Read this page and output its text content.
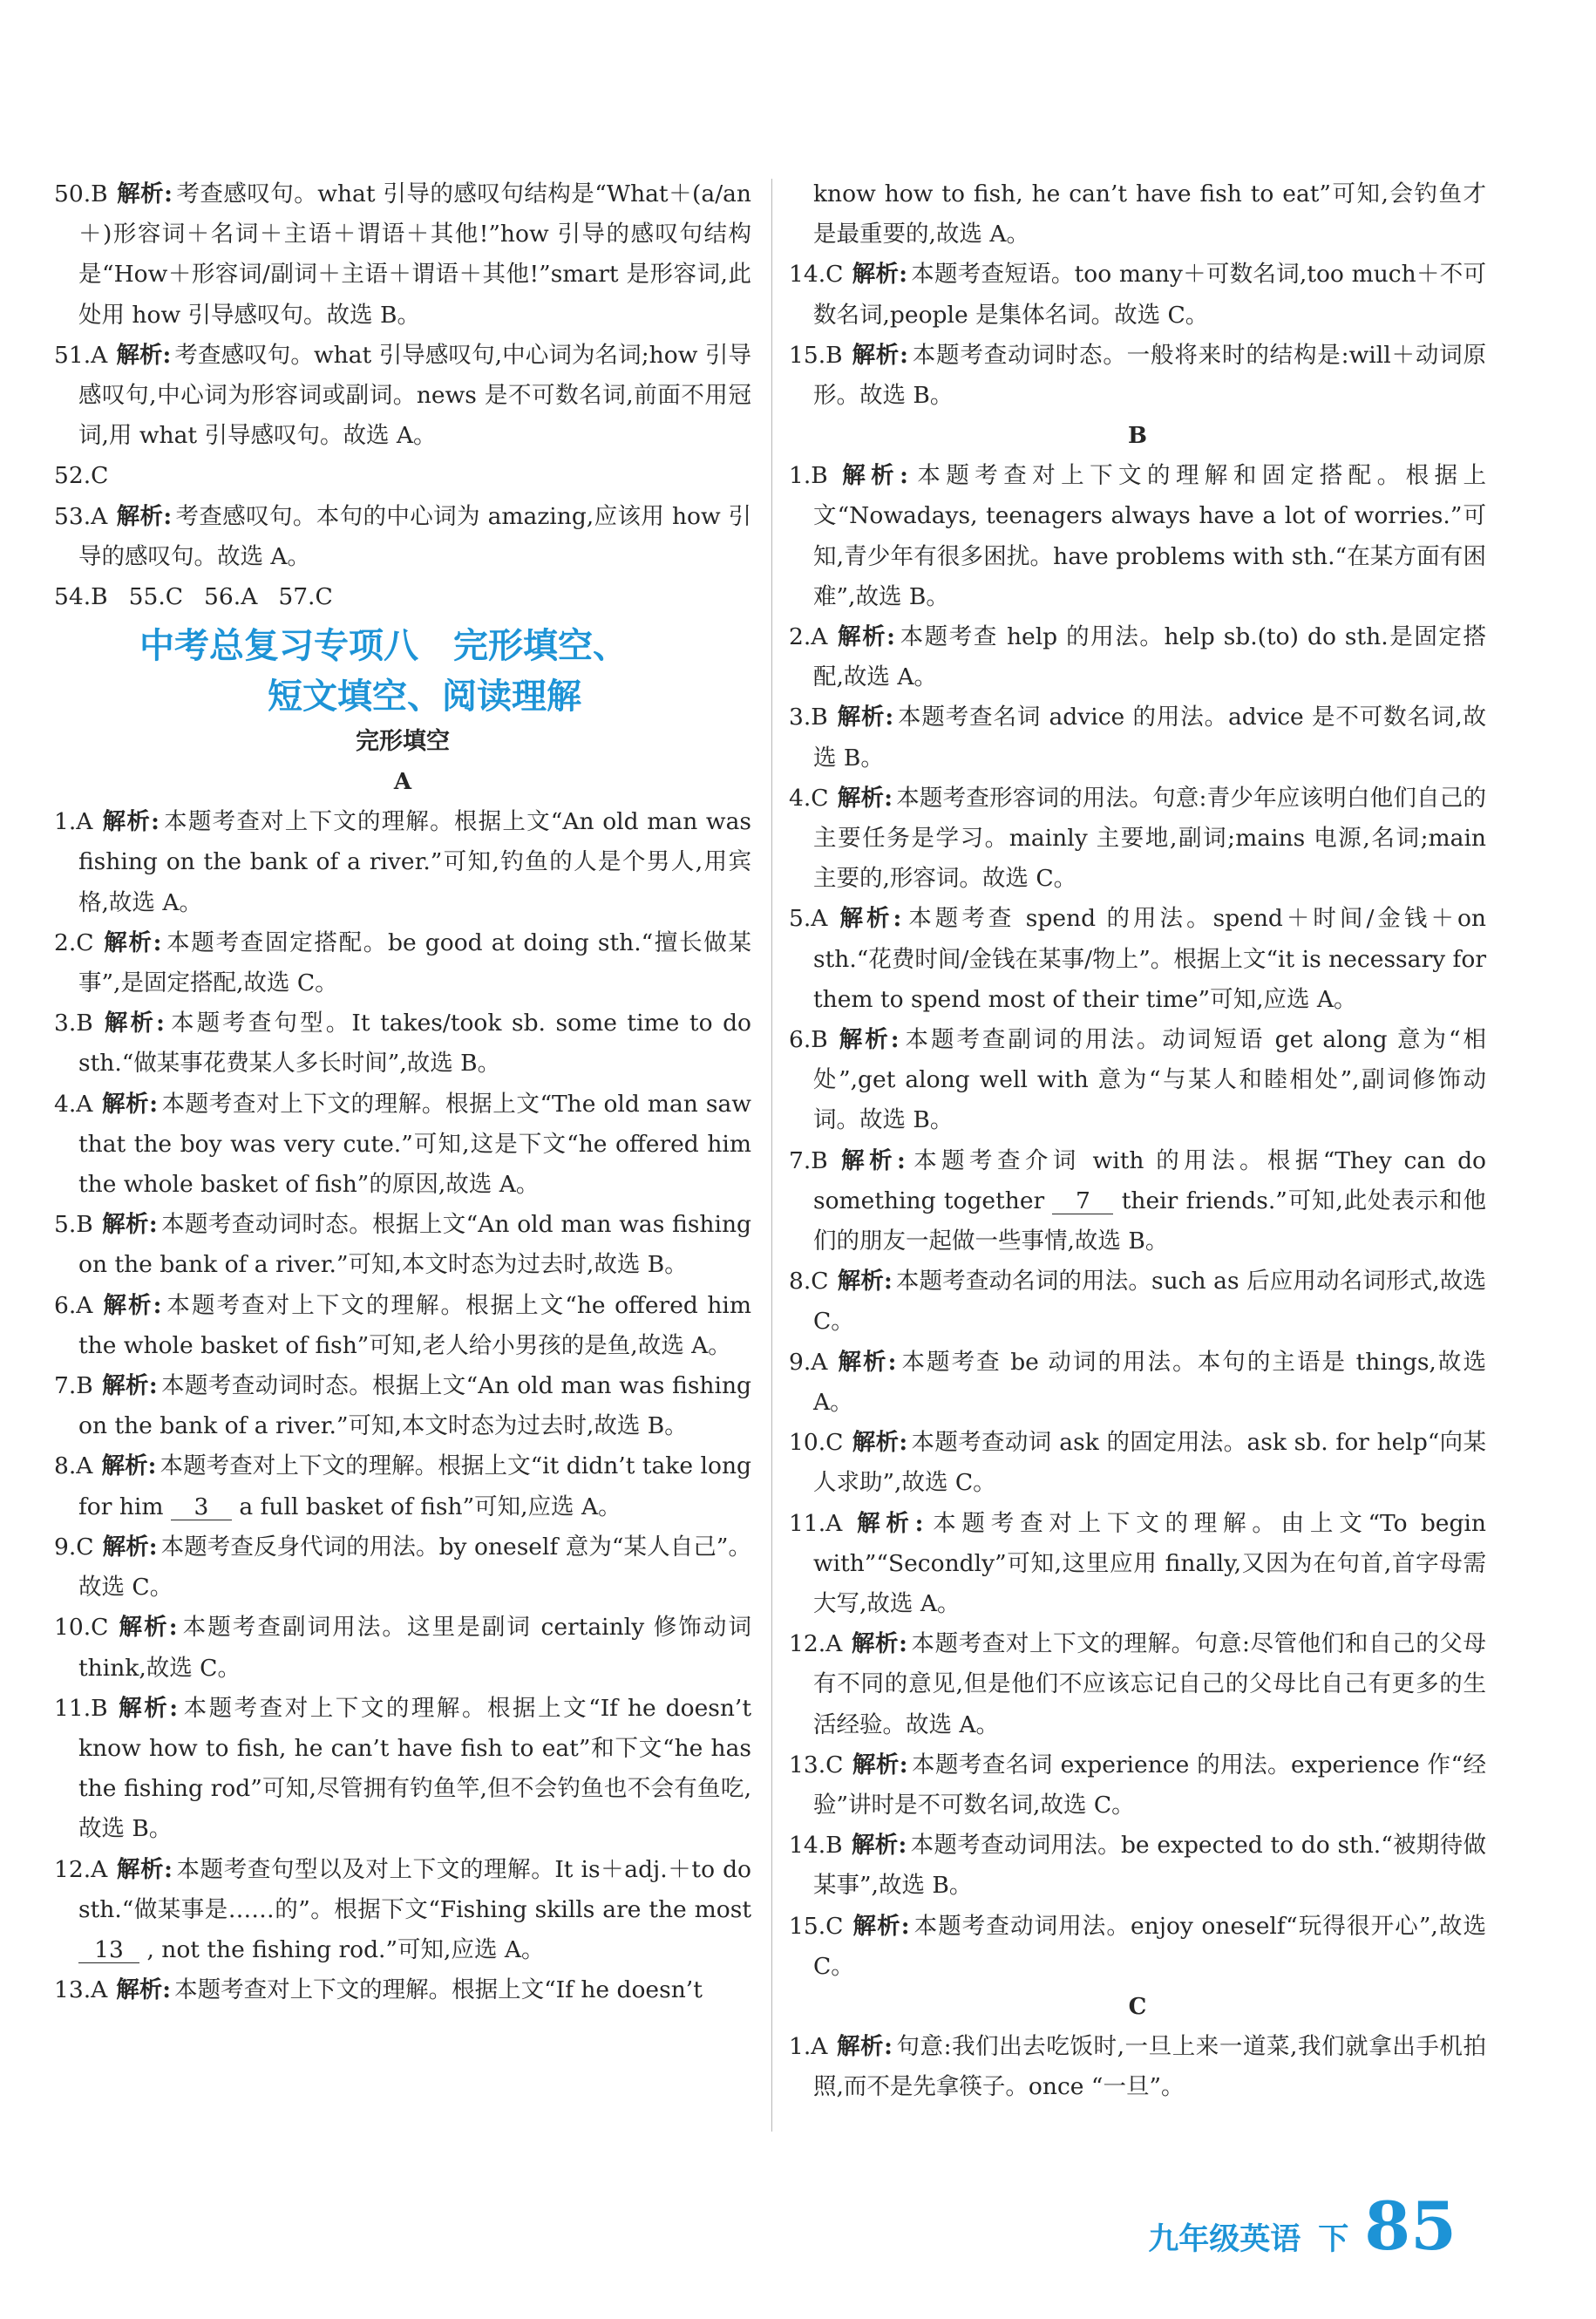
50.B 解析: 考查感叹句。what 引导的感叹句结构是“What＋(a/an＋)形容词＋名词＋主语＋谓语＋其他!”how 引导的感叹句结构是“How＋形容词/副词＋主语＋谓语＋其他!”smart 是形容词,此处用 how 引导感叹句。故选 B。
51.A 解析: 考查感叹句。what 引导感叹句,中心词为名词;how 引导感叹句,中心词为形容词或副词。news 是不可数名词,前面不用冠词,用 what 引导感叹句。故选 A。
52.C
53.A 解析: 考查感叹句。本句的中心词为 amazing,应该用 how 引导的感叹句。故选 A。
54.B 55.C 56.A 57.C
中考总复习专项八　完形填空、
短文填空、阅读理解
完形填空
A
1.A 解析: 本题考查对上下文的理解。根据上文“An old man was fishing on the bank of a river.”可知,钓鱼的人是个男人,用宾格,故选 A。
2.C 解析: 本题考查固定搭配。be good at doing sth.“擅长做某事”,是固定搭配,故选 C。
3.B 解析: 本题考查句型。It takes/took sb. some time to do sth.“做某事花费某人多长时间”,故选 B。
4.A 解析: 本题考查对上下文的理解。根据上文“The old man saw that the boy was very cute.”可知,这是下文“he offered him the whole basket of fish”的原因,故选 A。
5.B 解析: 本题考查动词时态。根据上文“An old man was fishing on the bank of a river.”可知,本文时态为过去时,故选 B。
6.A 解析: 本题考查对上下文的理解。根据上文“he offered him the whole basket of fish”可知,老人给小男孩的是鱼,故选 A。
7.B 解析: 本题考查动词时态。根据上文“An old man was fishing on the bank of a river.”可知,本文时态为过去时,故选 B。
8.A 解析: 本题考查对上下文的理解。根据上文“it didn’t take long for him 3 a full basket of fish”可知,应选 A。
9.C 解析: 本题考查反身代词的用法。by oneself 意为“某人自己”。故选 C。
10.C 解析: 本题考查副词用法。这里是副词 certainly 修饰动词 think,故选 C。
11.B 解析: 本题考查对上下文的理解。根据上文“If he doesn’t know how to fish, he can’t have fish to eat”和下文“he has the fishing rod”可知,尽管拥有钓鱼竿,但不会钓鱼也不会有鱼吃,故选 B。
12.A 解析: 本题考查句型以及对上下文的理解。It is＋adj.＋to do sth.“做某事是……的”。根据下文“Fishing skills are the most 13 , not the fishing rod.”可知,应选 A。
13.A 解析: 本题考查对上下文的理解。根据上文“If he doesn’t
know how to fish, he can’t have fish to eat”可知,会钓鱼才是最重要的,故选 A。
14.C 解析: 本题考查短语。too many＋可数名词,too much＋不可数名词,people 是集体名词。故选 C。
15.B 解析: 本题考查动词时态。一般将来时的结构是:will＋动词原形。故选 B。
B
1.B 解析: 本题考查对上下文的理解和固定搭配。根据上文“Nowadays, teenagers always have a lot of worries.”可知,青少年有很多困扰。have problems with sth.“在某方面有困难”,故选 B。
2.A 解析: 本题考查 help 的用法。help sb.(to) do sth.是固定搭配,故选 A。
3.B 解析: 本题考查名词 advice 的用法。advice 是不可数名词,故选 B。
4.C 解析: 本题考查形容词的用法。句意:青少年应该明白他们自己的主要任务是学习。mainly 主要地,副词;mains 电源,名词;main 主要的,形容词。故选 C。
5.A 解析: 本题考查 spend 的用法。spend＋时间/金钱＋on sth.“花费时间/金钱在某事/物上”。根据上文“it is necessary for them to spend most of their time”可知,应选 A。
6.B 解析: 本题考查副词的用法。动词短语 get along 意为“相处”,get along well with 意为“与某人和睦相处”,副词修饰动词。故选 B。
7.B 解析: 本题考查介词 with 的用法。根据“They can do something together 7 their friends.”可知,此处表示和他们的朋友一起做一些事情,故选 B。
8.C 解析: 本题考查动名词的用法。such as 后应用动名词形式,故选 C。
9.A 解析: 本题考查 be 动词的用法。本句的主语是 things,故选 A。
10.C 解析: 本题考查动词 ask 的固定用法。ask sb. for help“向某人求助”,故选 C。
11.A 解析: 本题考查对上下文的理解。由上文“To begin with”“Secondly”可知,这里应用 finally,又因为在句首,首字母需大写,故选 A。
12.A 解析: 本题考查对上下文的理解。句意:尽管他们和自己的父母有不同的意见,但是他们不应该忘记自己的父母比自己有更多的生活经验。故选 A。
13.C 解析: 本题考查名词 experience 的用法。experience 作“经验”讲时是不可数名词,故选 C。
14.B 解析: 本题考查动词用法。be expected to do sth.“被期待做某事”,故选 B。
15.C 解析: 本题考查动词用法。enjoy oneself“玩得很开心”,故选 C。
C
1.A 解析: 句意:我们出去吃饭时,一旦上来一道菜,我们就拿出手机拍照,而不是先拿筷子。once “一旦”。
九年级英语 下 85
